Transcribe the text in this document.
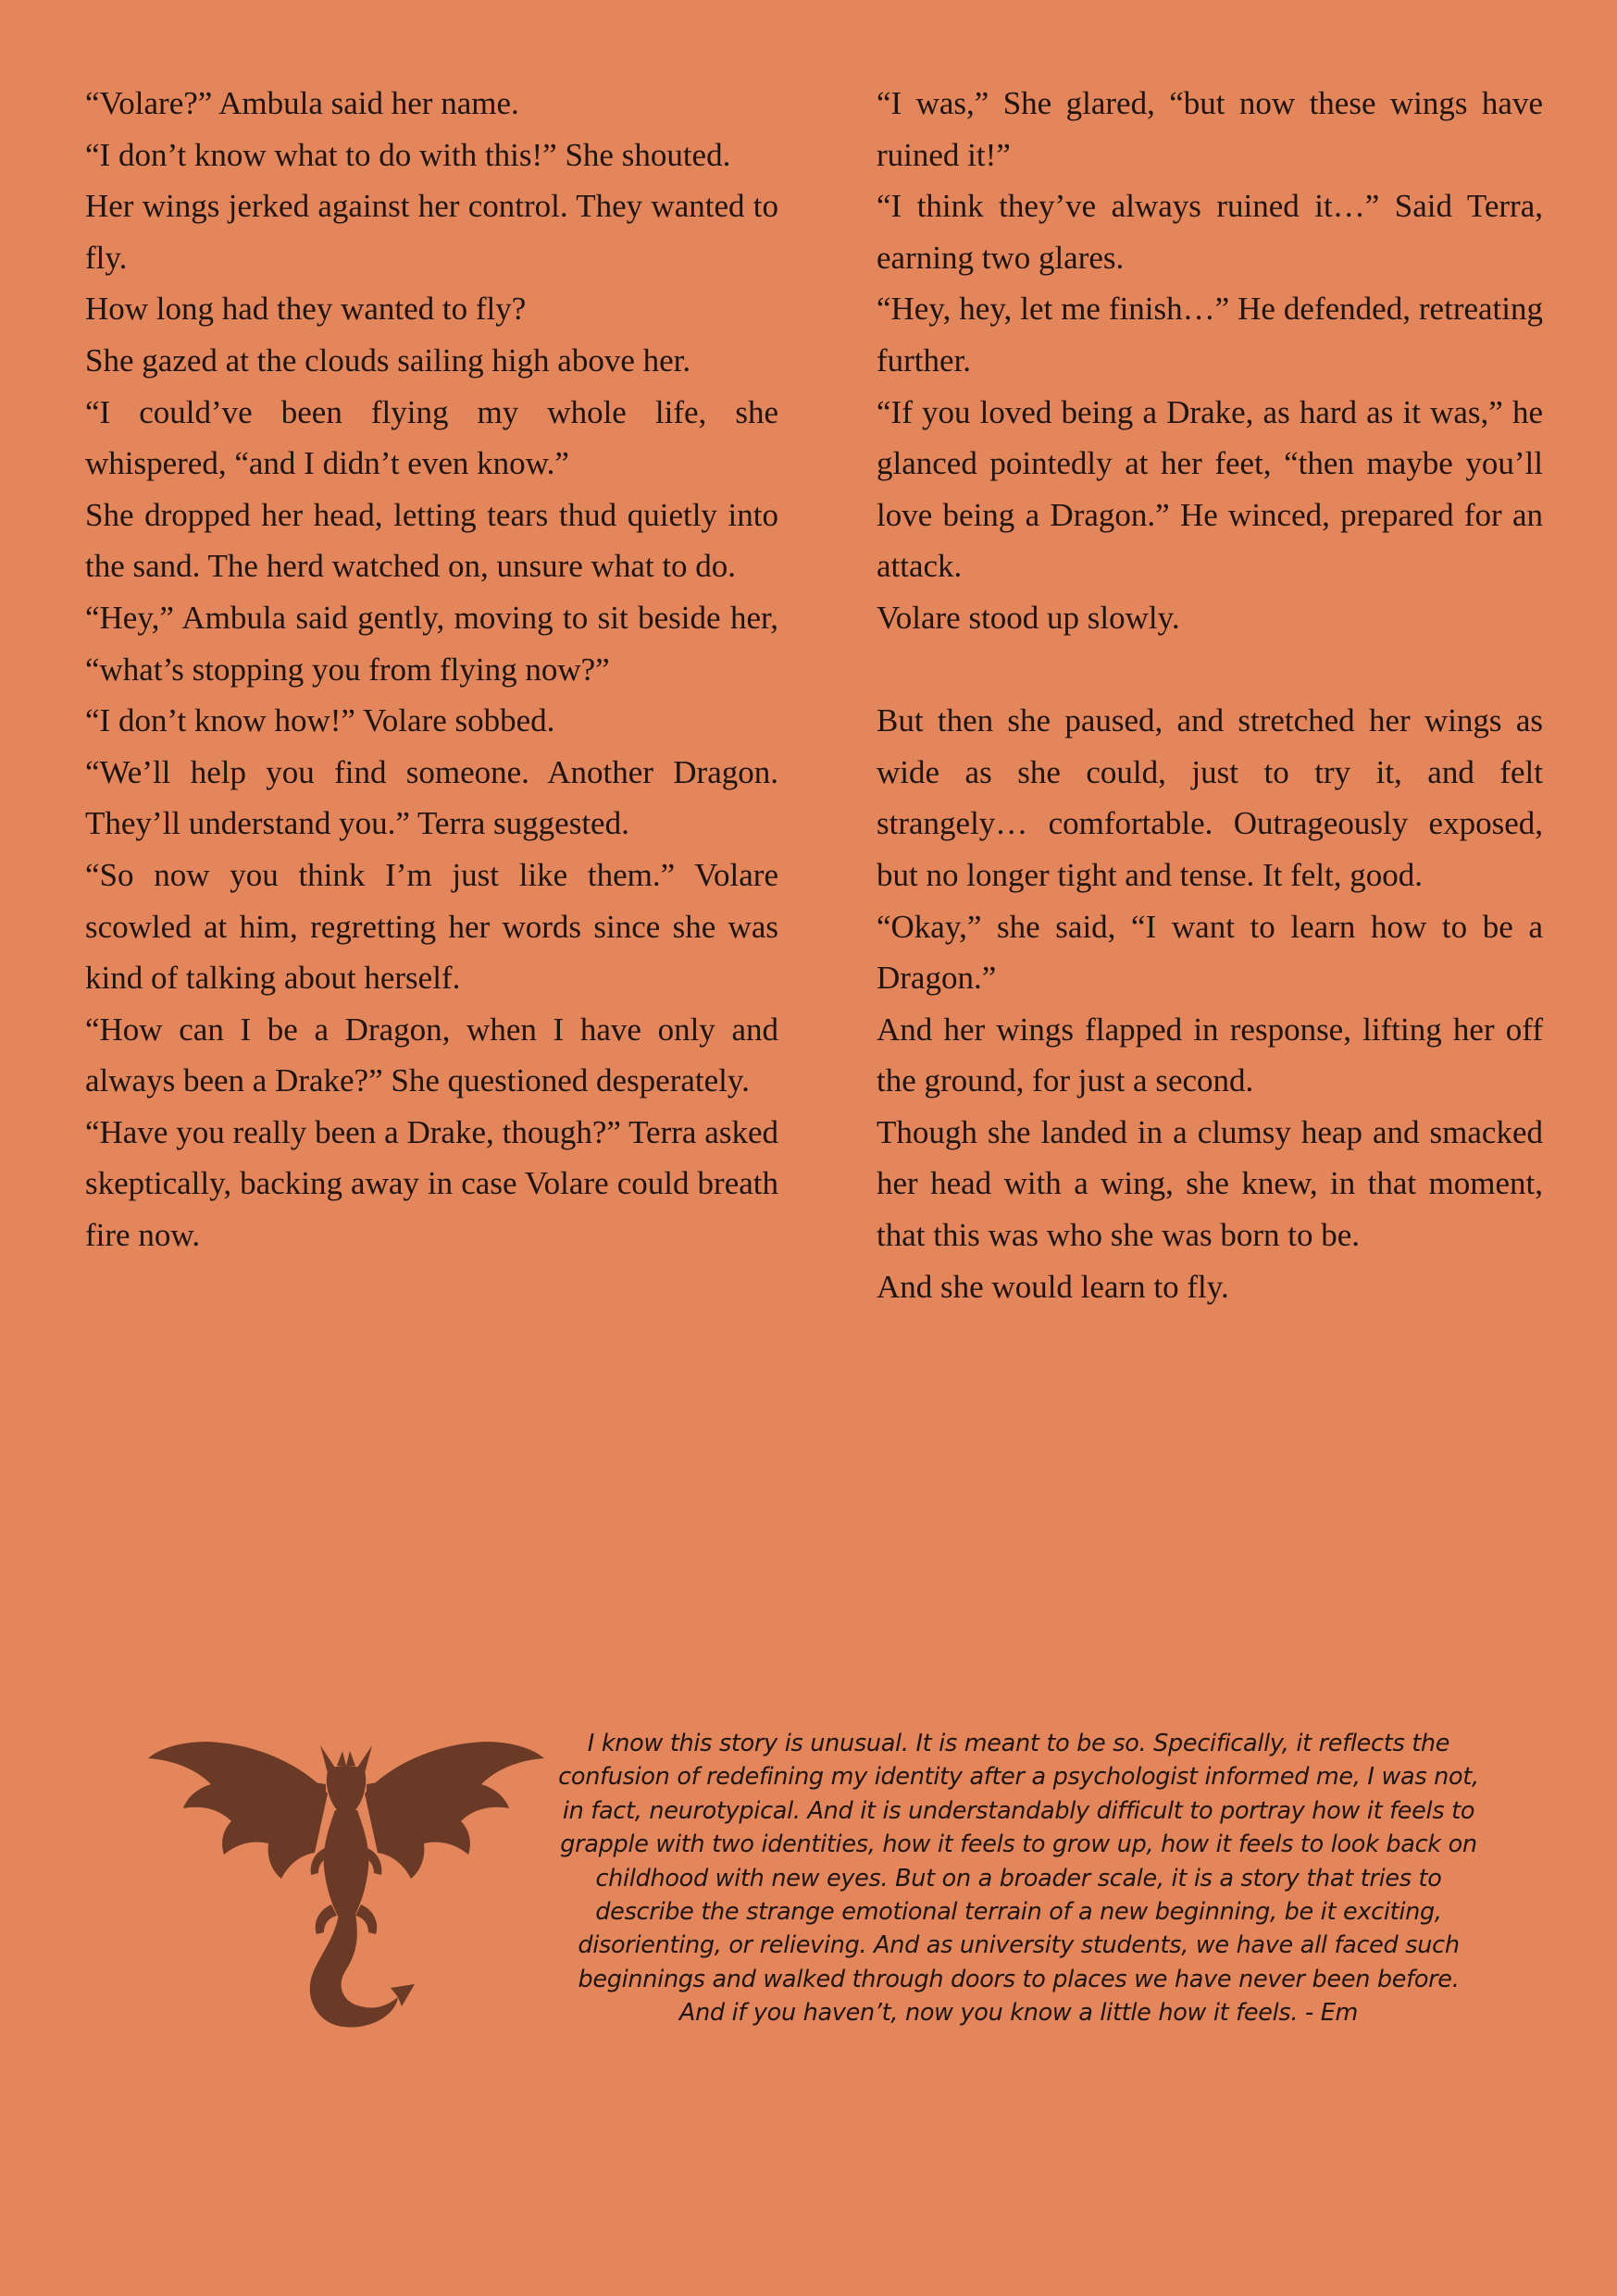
“Volare?” Ambula said her name.

“I don’t know what to do with this!” She shouted.

Her wings jerked against her control. They wanted to fly.

How long had they wanted to fly?

She gazed at the clouds sailing high above her.

“I could’ve been flying my whole life, she whispered, “and I didn’t even know.”

She dropped her head, letting tears thud quietly into the sand. The herd watched on, unsure what to do.

“Hey,” Ambula said gently, moving to sit beside her, “what’s stopping you from flying now?”

“I don’t know how!” Volare sobbed.

“We’ll help you find someone. Another Dragon. They’ll understand you.” Terra suggested.

“So now you think I’m just like them.” Volare scowled at him, regretting her words since she was kind of talking about herself.

“How can I be a Dragon, when I have only and always been a Drake?” She questioned desperately.

“Have you really been a Drake, though?” Terra asked skeptically, backing away in case Volare could breath fire now.

“I was,” She glared, “but now these wings have ruined it!”

“I think they’ve always ruined it…” Said Terra, earning two glares.

“Hey, hey, let me finish…” He defended, retreating further.

“If you loved being a Drake, as hard as it was,” he glanced pointedly at her feet, “then maybe you’ll love being a Dragon.” He winced, prepared for an attack.

Volare stood up slowly.

But then she paused, and stretched her wings as wide as she could, just to try it, and felt strangely… comfortable. Outrageously exposed, but no longer tight and tense. It felt, good.

“Okay,” she said, “I want to learn how to be a Dragon.”

And her wings flapped in response, lifting her off the ground, for just a second.

Though she landed in a clumsy heap and smacked her head with a wing, she knew, in that moment, that this was who she was born to be.

And she would learn to fly.

I know this story is unusual. It is meant to be so. Specifically, it reflects the confusion of redefining my identity after a psychologist informed me, I was not, in fact, neurotypical. And it is understandably difficult to portray how it feels to grapple with two identities, how it feels to grow up, how it feels to look back on childhood with new eyes. But on a broader scale, it is a story that tries to describe the strange emotional terrain of a new beginning, be it exciting, disorienting, or relieving. And as university students, we have all faced such beginnings and walked through doors to places we have never been before. And if you haven’t, now you know a little how it feels. - Em
